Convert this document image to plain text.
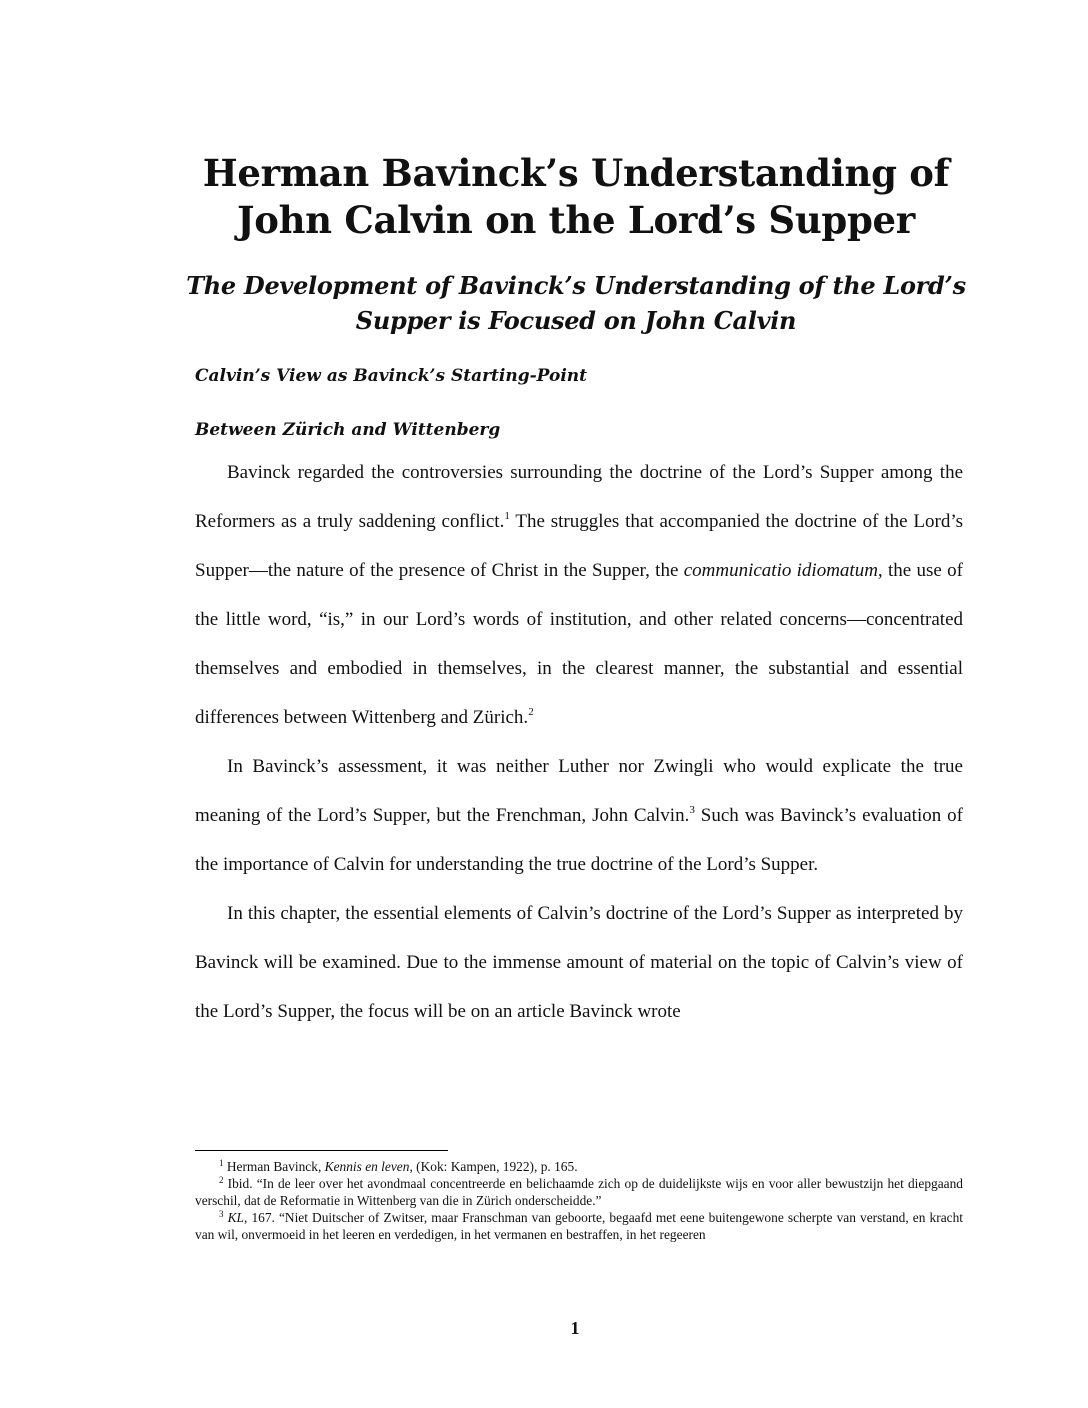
Herman Bavinck’s Understanding of John Calvin on the Lord’s Supper
The Development of Bavinck’s Understanding of the Lord’s Supper is Focused on John Calvin
Calvin’s View as Bavinck’s Starting-Point
Between Zürich and Wittenberg

Bavinck regarded the controversies surrounding the doctrine of the Lord’s Supper among the Reformers as a truly saddening conflict.$^1$ The struggles that accompanied the doctrine of the Lord’s Supper—the nature of the presence of Christ in the Supper, the communicatio idiomatum, the use of the little word, “is,” in our Lord’s words of institution, and other related concerns—concentrated themselves and embodied in themselves, in the clearest manner, the substantial and essential differences between Wittenberg and Zürich.$^2$

In Bavinck’s assessment, it was neither Luther nor Zwingli who would explicate the true meaning of the Lord’s Supper, but the Frenchman, John Calvin.$^3$ Such was Bavinck’s evaluation of the importance of Calvin for understanding the true doctrine of the Lord’s Supper.

In this chapter, the essential elements of Calvin’s doctrine of the Lord’s Supper as interpreted by Bavinck will be examined. Due to the immense amount of material on the topic of Calvin’s view of the Lord’s Supper, the focus will be on an article Bavinck wrote

$^1$ Herman Bavinck, Kennis en leven, (Kok: Kampen, 1922), p. 165.

$^2$ Ibid. “In de leer over het avondmaal concentreerde en belichaamde zich op de duidelijkste wijs en voor aller bewustzijn het diepgaand verschil, dat de Reformatie in Wittenberg van die in Zürich onderscheidde.”

$^3$ KL, 167. “Niet Duitscher of Zwitser, maar Franschman van geboorte, begaafd met eene buitengewone scherpte van verstand, en kracht van wil, onvermoeid in het leeren en verdedigen, in het vermanen en bestraffen, in het regeeren

1
